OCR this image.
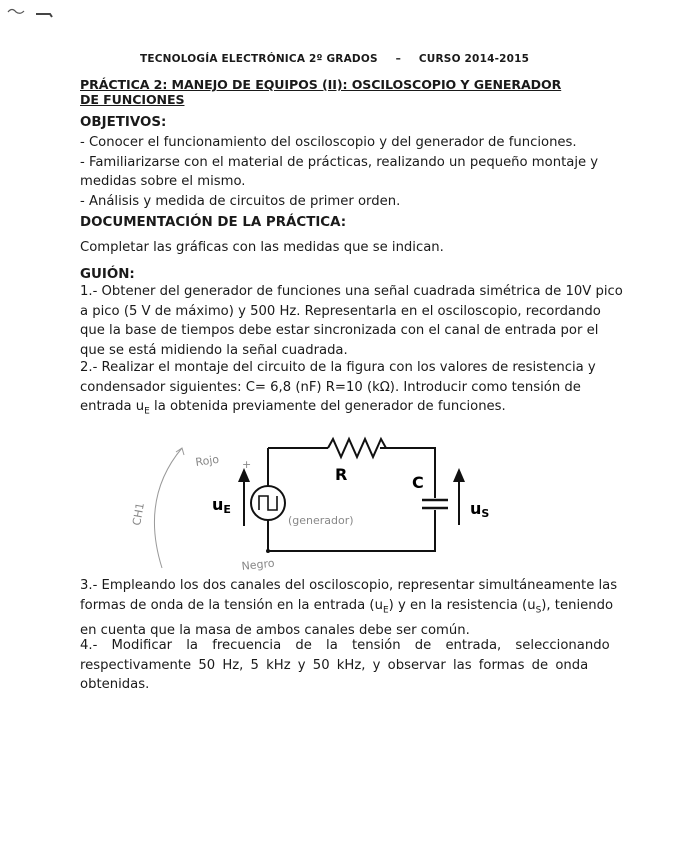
TECNOLOGÍA ELECTRÓNICA 2º GRADOS – CURSO 2014-2015
PRÁCTICA 2: MANEJO DE EQUIPOS (II): OSCILOSCOPIO Y GENERADOR
DE FUNCIONES
OBJETIVOS:
- Conocer el funcionamiento del osciloscopio y del generador de funciones.
- Familiarizarse con el material de prácticas, realizando un pequeño montaje y
medidas sobre el mismo.
- Análisis y medida de circuitos de primer orden.
DOCUMENTACIÓN DE LA PRÁCTICA:
Completar las gráficas con las medidas que se indican.
GUIÓN:
1.- Obtener del generador de funciones una señal cuadrada simétrica de 10V pico
a pico (5 V de máximo) y 500 Hz. Representarla en el osciloscopio, recordando
que la base de tiempos debe estar sincronizada con el canal de entrada por el
que se está midiendo la señal cuadrada.
2.- Realizar el montaje del circuito de la figura con los valores de resistencia y
condensador siguientes: C= 6,8 (nF) R=10 (kΩ). Introducir como tensión de
entrada $u_E$ la obtenida previamente del generador de funciones.
R	C
uE	uS
Rojo +
CH1	(generador)
Negro
3.- Empleando los dos canales del osciloscopio, representar simultáneamente las
formas de onda de la tensión en la entrada $(u_E)$ y en la resistencia $(u_S)$, teniendo
en cuenta que la masa de ambos canales debe ser común.
4.- Modificar la frecuencia de la tensión de entrada, seleccionando
respectivamente 50 Hz, 5 kHz y 50 kHz, y observar las formas de onda
obtenidas.
